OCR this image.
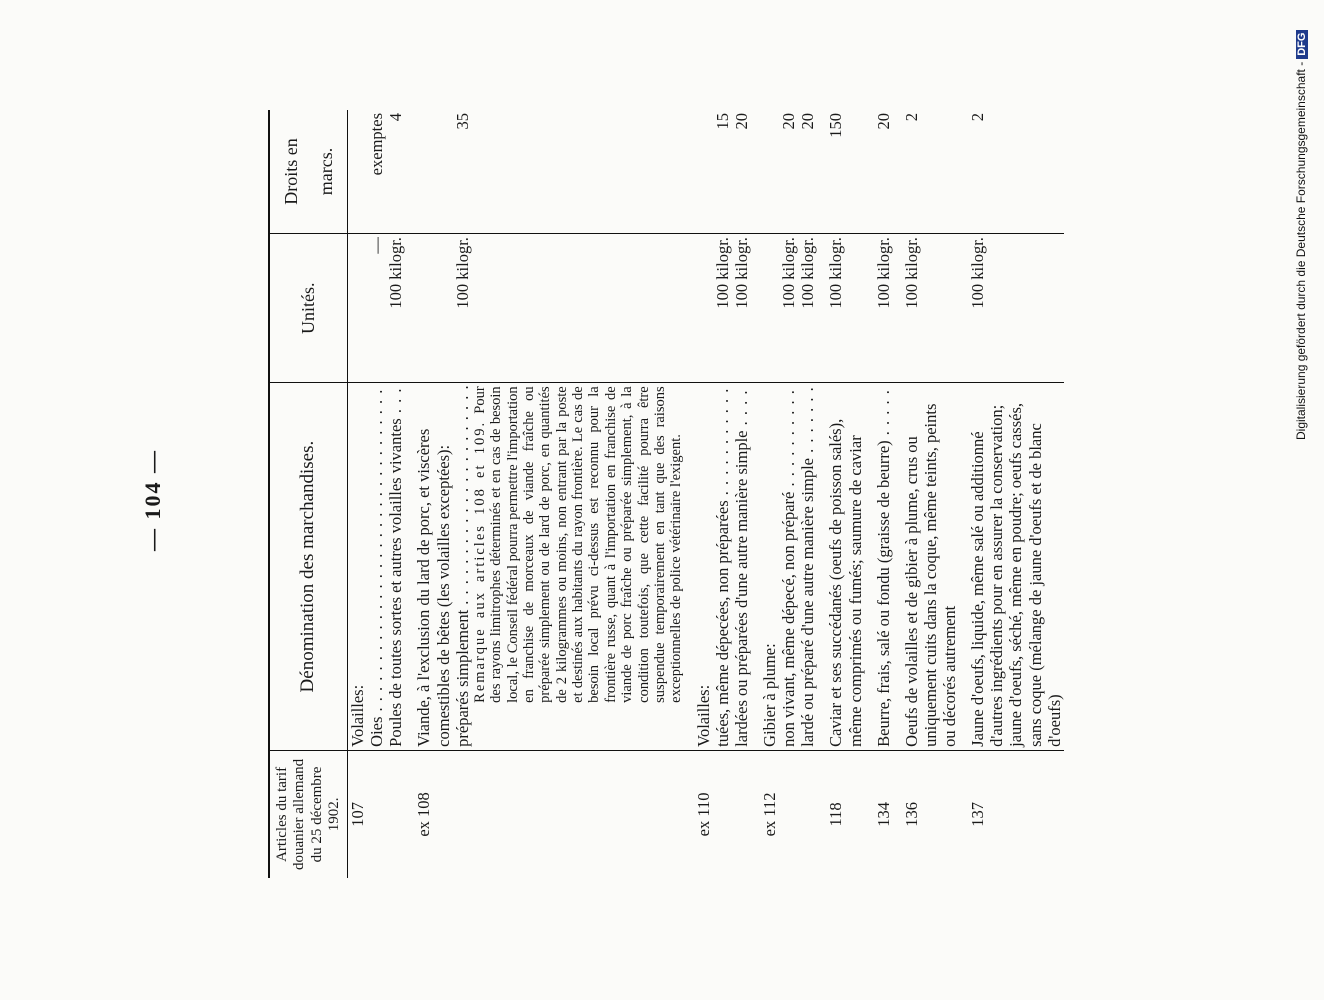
— 104 —
Articles du tarif douanier allemand du 25 décembre 1902.	Dénomination des marchandises.	Unités.	Droits en marcs.
107	Volailles:		

	Oies . . .	—	exemptes

	Poules de toutes sortes et autres volailles vivantes . . .	100 kilogr.	4

ex 108	Viande, à l'exclusion du lard de porc, et viscères comestibles de bêtes (les volailles exceptées):		

	préparés simplement . . .	100 kilogr.	35

	Remarque aux articles 108 et 109. Pour des rayons limitrophes déterminés et en cas de besoin local, le Conseil fédéral pourra permettre l'importation en franchise de morceaux de viande fraîche ou préparée simplement ou de lard de porc, en quantités de 2 kilogrammes ou moins, non entrant par la poste et destinés aux habitants du rayon frontière. Le cas de besoin local prévu ci-dessus est reconnu pour la frontière russe, quant à l'importation en franchise de viande de porc fraîche ou préparée simplement, à la condition toutefois, que cette facilité pourra être suspendue temporairement en tant que des raisons exceptionnelles de police vétérinaire l'exigent.		

ex 110	Volailles:		

	tuées, même dépecées, non préparées . . .	100 kilogr.	15

	lardées ou préparées d'une autre manière simple . . .	100 kilogr.	20

ex 112	Gibier à plume:		

	non vivant, même dépecé, non préparé . . .	100 kilogr.	20

	lardé ou préparé d'une autre manière simple . . .	100 kilogr.	20

118	Caviar et ses succédanés (oeufs de poisson salés), même comprimés ou fumés; saumure de caviar	100 kilogr.	150

134	Beurre, frais, salé ou fondu (graisse de beurre) . . .	100 kilogr.	20

136	Oeufs de volailles et de gibier à plume, crus ou uniquement cuits dans la coque, même teints, peints ou décorés autrement	100 kilogr.	2

137	Jaune d'oeufs, liquide, même salé ou additionné d'autres ingrédients pour en assurer la conservation; jaune d'oeufs, séché, même en poudre; oeufs cassés, sans coque (mélange de jaune d'oeufs et de blanc d'oeufs)	100 kilogr.	2	Digitalisierung gefördert durch die Deutsche Forschungsgemeinschaft -DFG
